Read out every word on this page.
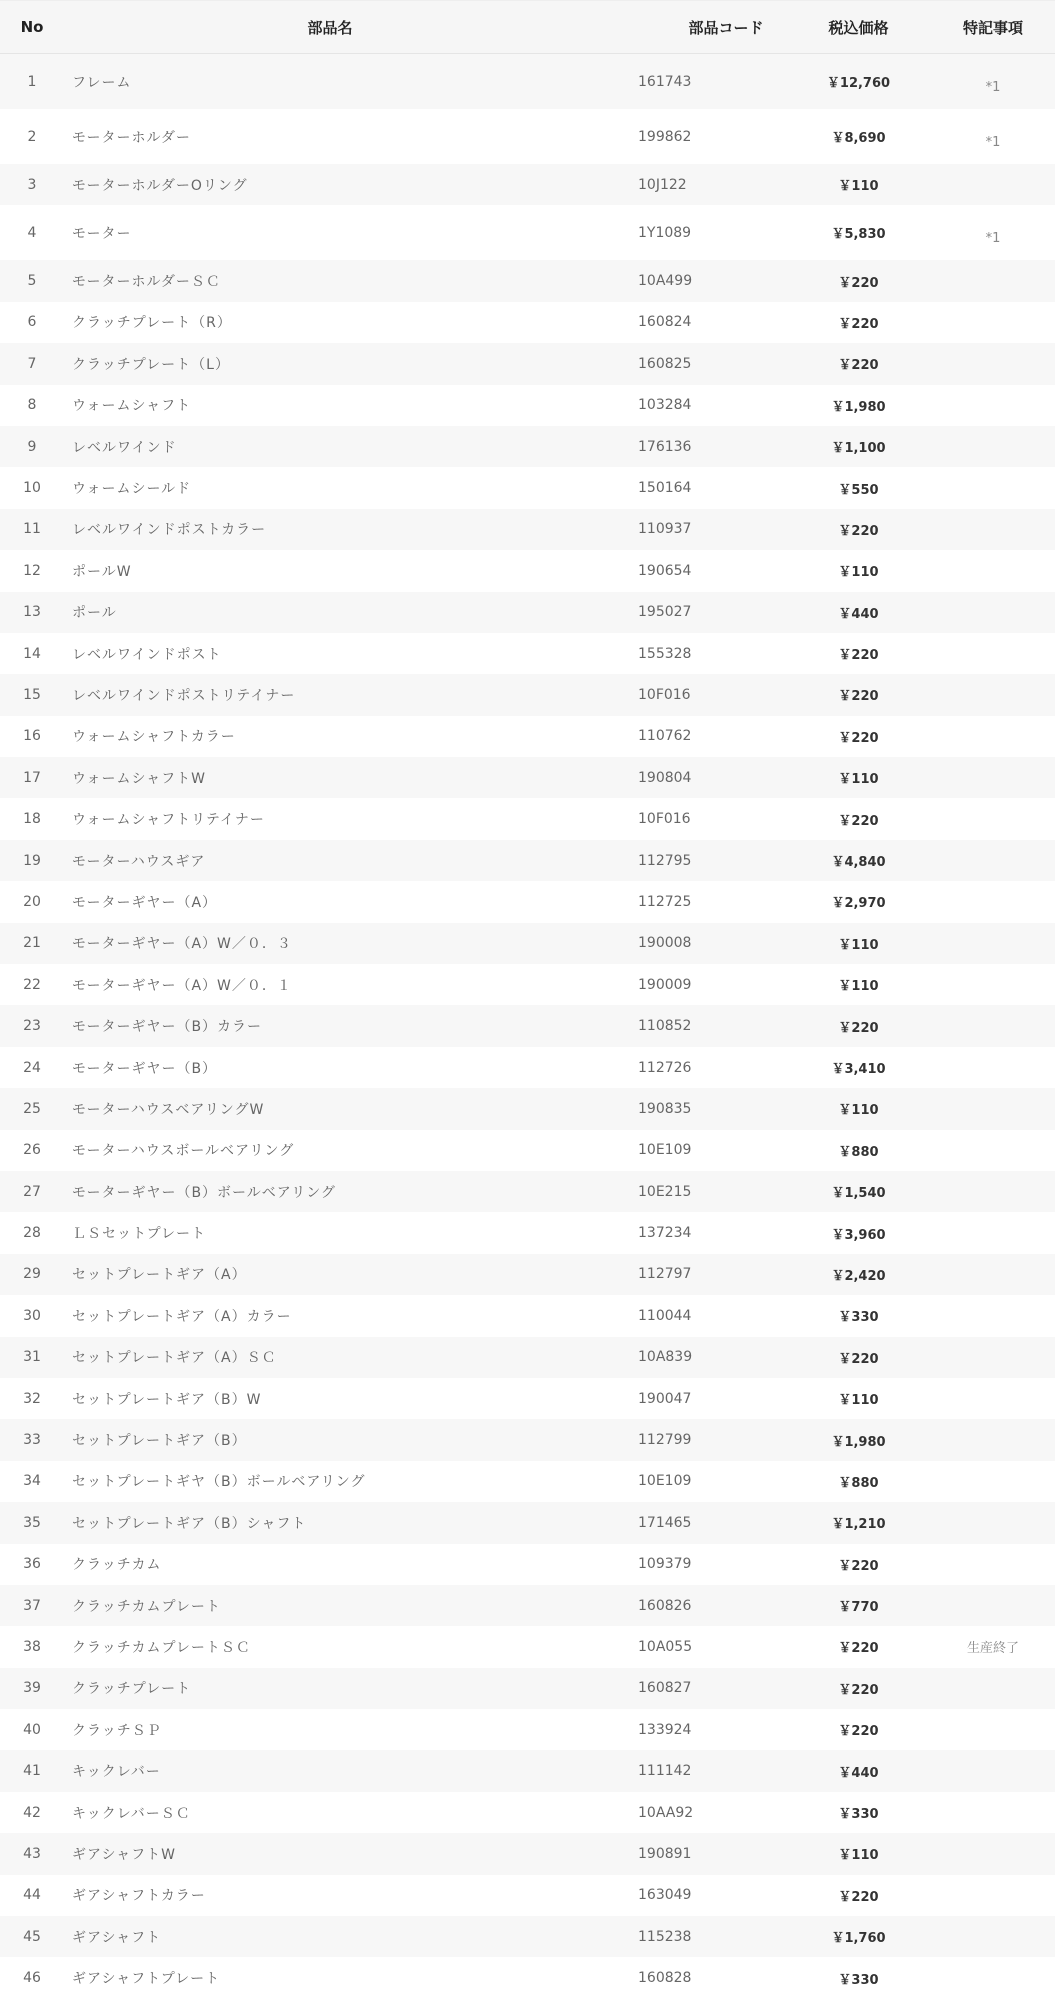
No	部品名	部品コード	税込価格	特記事項
1	フレーム	161743	￥12,760	*1
2	モーターホルダー	199862	￥8,690	*1
3	モーターホルダーOリング	10J122	￥110
4	モーター	1Y1089	￥5,830	*1
5	モーターホルダーＳＣ	10A499	￥220
6	クラッチプレート（R）	160824	￥220
7	クラッチプレート（L）	160825	￥220
8	ウォームシャフト	103284	￥1,980
9	レベルワインド	176136	￥1,100
10	ウォームシールド	150164	￥550
11	レベルワインドポストカラー	110937	￥220
12	ポールW	190654	￥110
13	ポール	195027	￥440
14	レベルワインドポスト	155328	￥220
15	レベルワインドポストリテイナー	10F016	￥220
16	ウォームシャフトカラー	110762	￥220
17	ウォームシャフトW	190804	￥110
18	ウォームシャフトリテイナー	10F016	￥220
19	モーターハウスギア	112795	￥4,840
20	モーターギヤー（A）	112725	￥2,970
21	モーターギヤー（A）W／０．３	190008	￥110
22	モーターギヤー（A）W／０．１	190009	￥110
23	モーターギヤー（B）カラー	110852	￥220
24	モーターギヤー（B）	112726	￥3,410
25	モーターハウスベアリングW	190835	￥110
26	モーターハウスボールベアリング	10E109	￥880
27	モーターギヤー（B）ボールベアリング	10E215	￥1,540
28	ＬＳセットプレート	137234	￥3,960
29	セットプレートギア（A）	112797	￥2,420
30	セットプレートギア（A）カラー	110044	￥330
31	セットプレートギア（A）ＳＣ	10A839	￥220
32	セットプレートギア（B）W	190047	￥110
33	セットプレートギア（B）	112799	￥1,980
34	セットプレートギヤ（B）ボールベアリング	10E109	￥880
35	セットプレートギア（B）シャフト	171465	￥1,210
36	クラッチカム	109379	￥220
37	クラッチカムプレート	160826	￥770
38	クラッチカムプレートＳＣ	10A055	￥220	生産終了
39	クラッチプレート	160827	￥220
40	クラッチＳＰ	133924	￥220
41	キックレバー	111142	￥440
42	キックレバーＳＣ	10AA92	￥330
43	ギアシャフトW	190891	￥110
44	ギアシャフトカラー	163049	￥220
45	ギアシャフト	115238	￥1,760
46	ギアシャフトプレート	160828	￥330
